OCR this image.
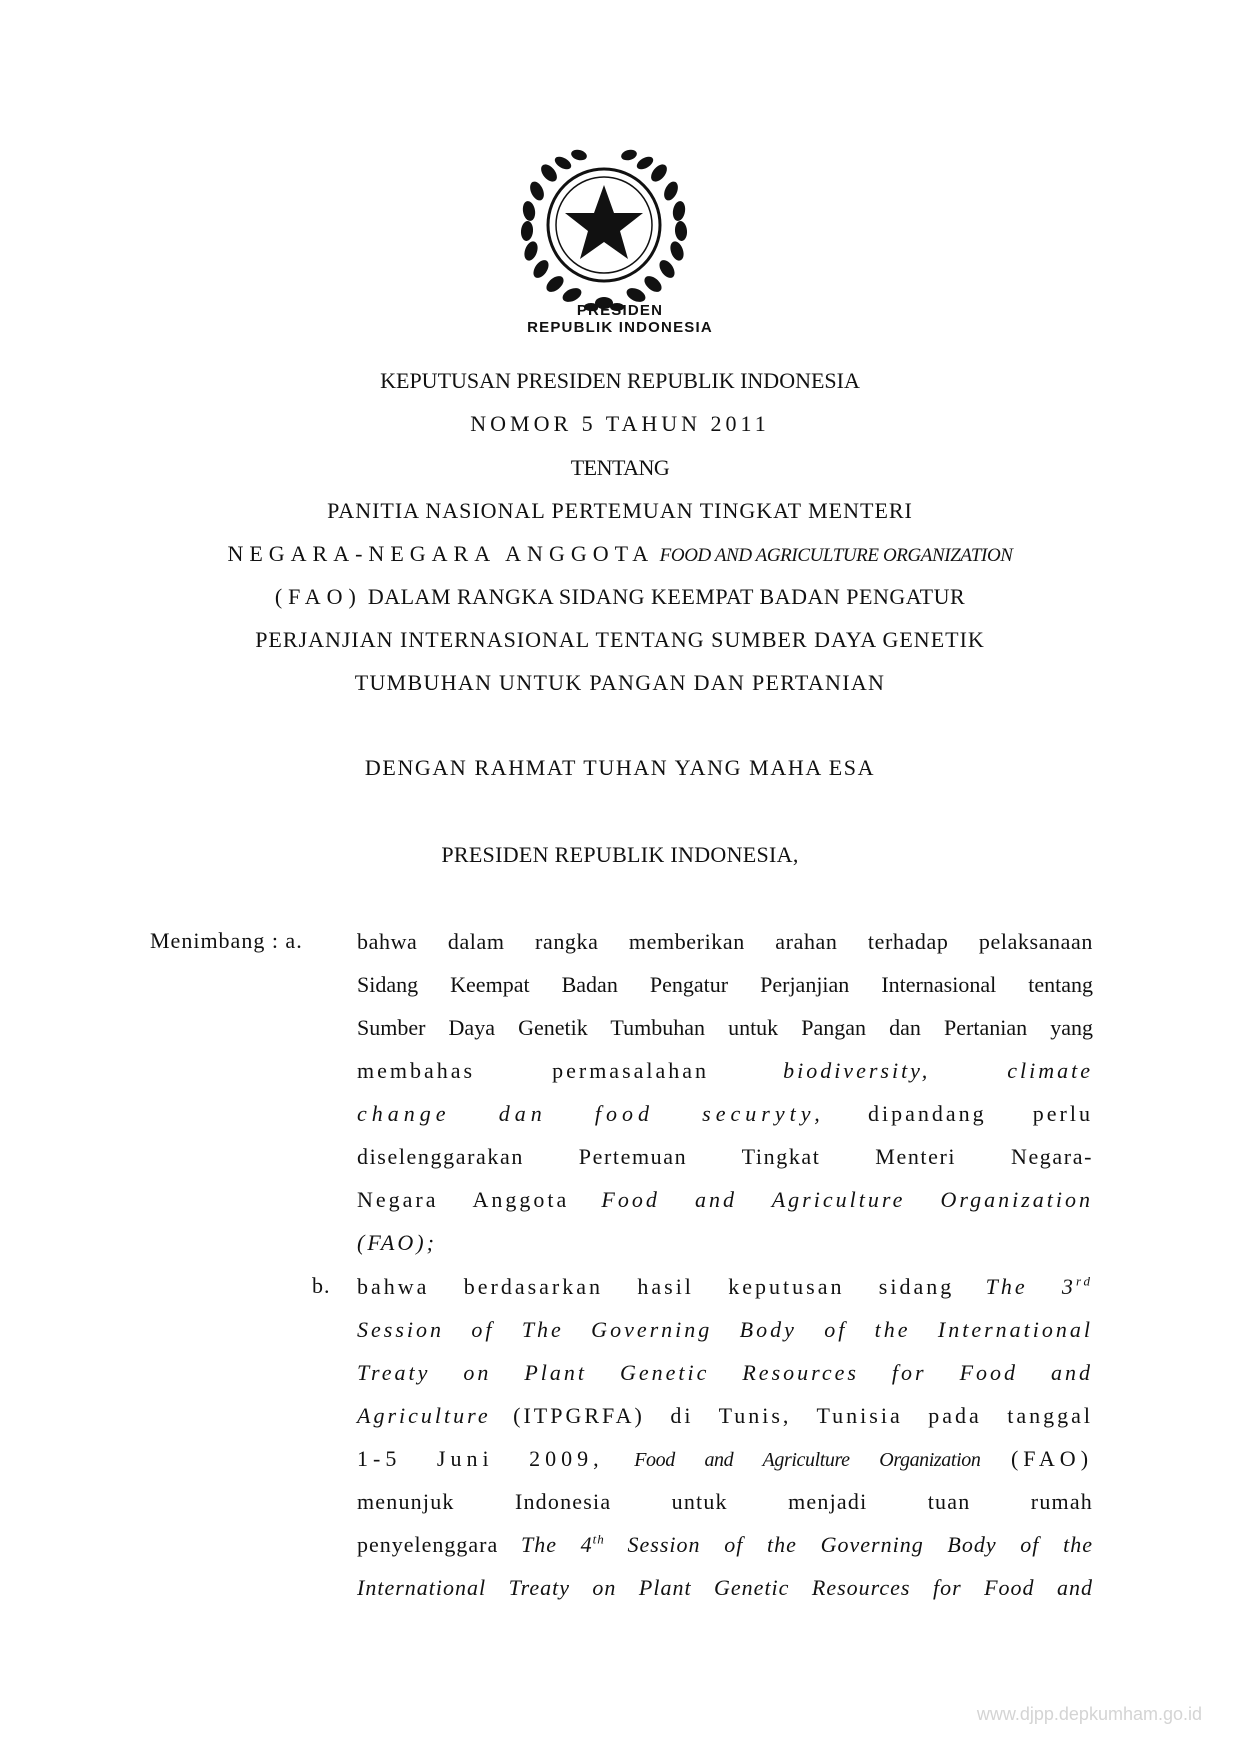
PRESIDEN
REPUBLIK INDONESIA
KEPUTUSAN PRESIDEN REPUBLIK INDONESIA
NOMOR 5 TAHUN 2011
TENTANG
PANITIA NASIONAL PERTEMUAN TINGKAT MENTERI
NEGARA-NEGARA ANGGOTA FOOD AND AGRICULTURE ORGANIZATION
(FAO) DALAM RANGKA SIDANG KEEMPAT BADAN PENGATUR
PERJANJIAN INTERNASIONAL TENTANG SUMBER DAYA GENETIK
TUMBUHAN UNTUK PANGAN DAN PERTANIAN
DENGAN RAHMAT TUHAN YANG MAHA ESA
PRESIDEN REPUBLIK INDONESIA,
Menimbang : a. bahwa dalam rangka memberikan arahan terhadap pelaksanaan
Sidang Keempat Badan Pengatur Perjanjian Internasional tentang
Sumber Daya Genetik Tumbuhan untuk Pangan dan Pertanian yang
membahas permasalahan	biodiversity, climate
change dan food securyty, dipandang perlu
diselenggarakan Pertemuan Tingkat Menteri Negara-
Negara Anggota Food and Agriculture Organization
(FAO);
b. bahwa berdasarkan hasil keputusan sidang The 3rd
Session of The Governing Body of the International
Treaty on Plant Genetic Resources for Food and
Agriculture (ITPGRFA) di Tunis, Tunisia pada tanggal
1-5 Juni 2009, Food and Agriculture Organization (FAO)
menunjuk Indonesia untuk menjadi tuan rumah
penyelenggara The 4th Session of the Governing Body of the
International Treaty on Plant Genetic Resources for Food and
www.djpp.depkumham.go.id
